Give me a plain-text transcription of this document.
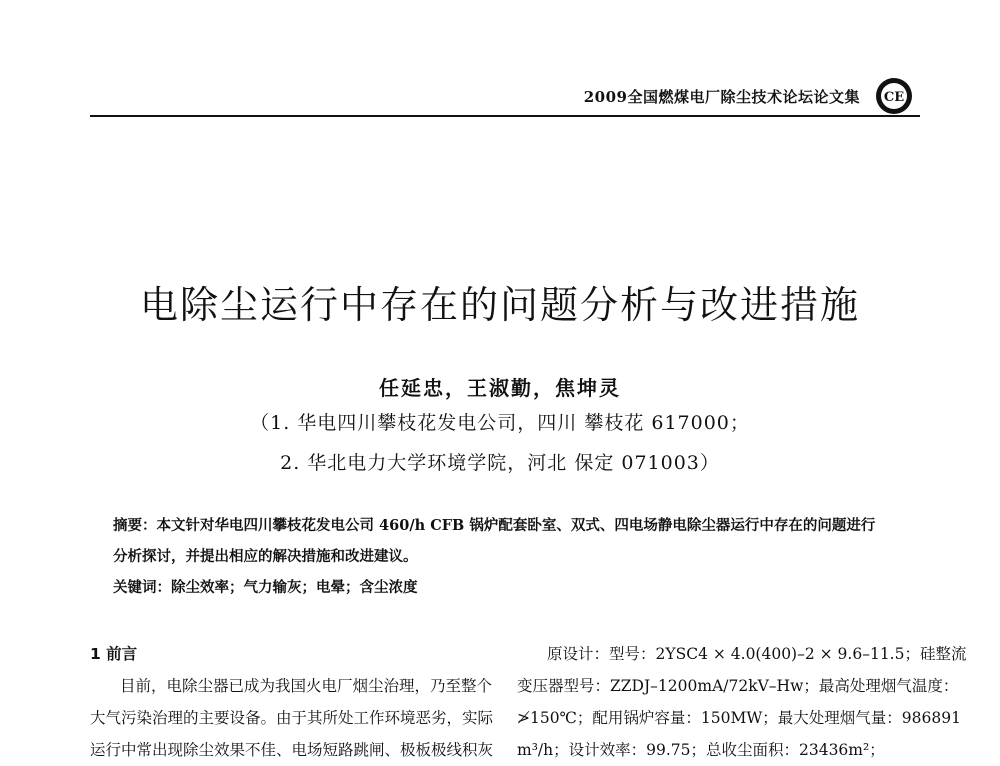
2009全国燃煤电厂除尘技术论坛论文集 CE
电除尘运行中存在的问题分析与改进措施
任延忠，王淑勤，焦坤灵
（1. 华电四川攀枝花发电公司，四川 攀枝花 617000；
2. 华北电力大学环境学院，河北 保定 071003）
摘要：本文针对华电四川攀枝花发电公司 460/h CFB 锅炉配套卧室、双式、四电场静电除尘器运行中存在的问题进行
分析探讨，并提出相应的解决措施和改进建议。
关键词：除尘效率；气力输灰；电晕；含尘浓度
1 前言
目前，电除尘器已成为我国火电厂烟尘治理，乃至整个
大气污染治理的主要设备。由于其所处工作环境恶劣，实际
运行中常出现除尘效果不佳、电场短路跳闸、极板极线积灰
原设计：型号：2YSC4 × 4.0(400)–2 × 9.6–11.5；硅整流
变压器型号：ZZDJ–1200mA/72kV–Hw；最高处理烟气温度：
≯150℃；配用锅炉容量：150MW；最大处理烟气量：986891
m³/h；设计效率：99.75；总收尘面积：23436m²；
